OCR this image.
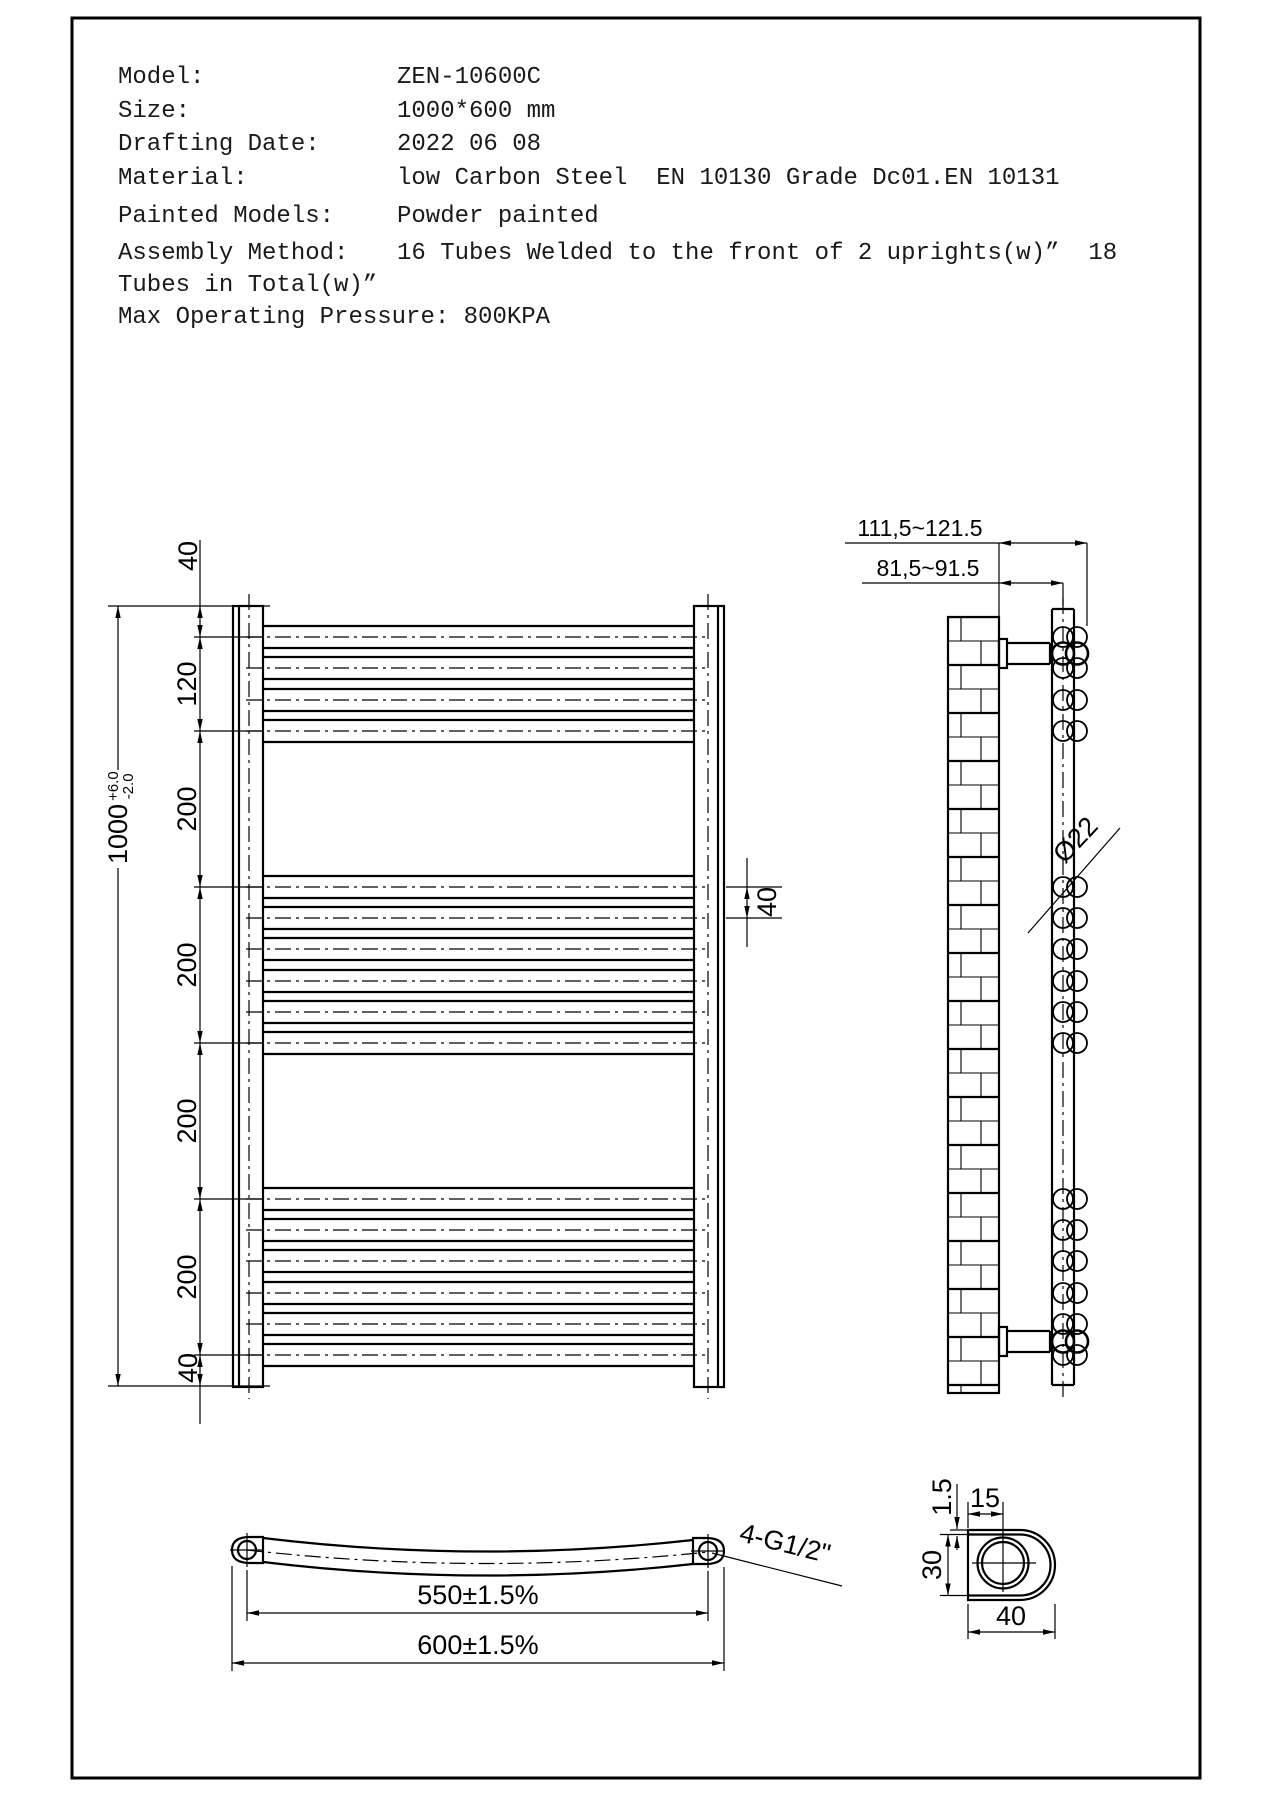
Model:	ZEN-10600C
Size:	1000*600 mm
Drafting Date:	2022 06 08
Material:	low Carbon Steel  EN 10130 Grade Dc01.EN 10131
Painted Models:	Powder painted
Assembly Method: 16 Tubes Welded to the front of 2 uprights(w)”  18
Tubes in Total(w)”
Max Operating Pressure: 800KPA
40
120
200
200
200
200
40
$1000^{+6.0}-2.0$
40
111,5~121.5
81,5~91.5
Ø22
550±1.5%
600±1.5%
4-G1/2"
15
1.5
30
40
